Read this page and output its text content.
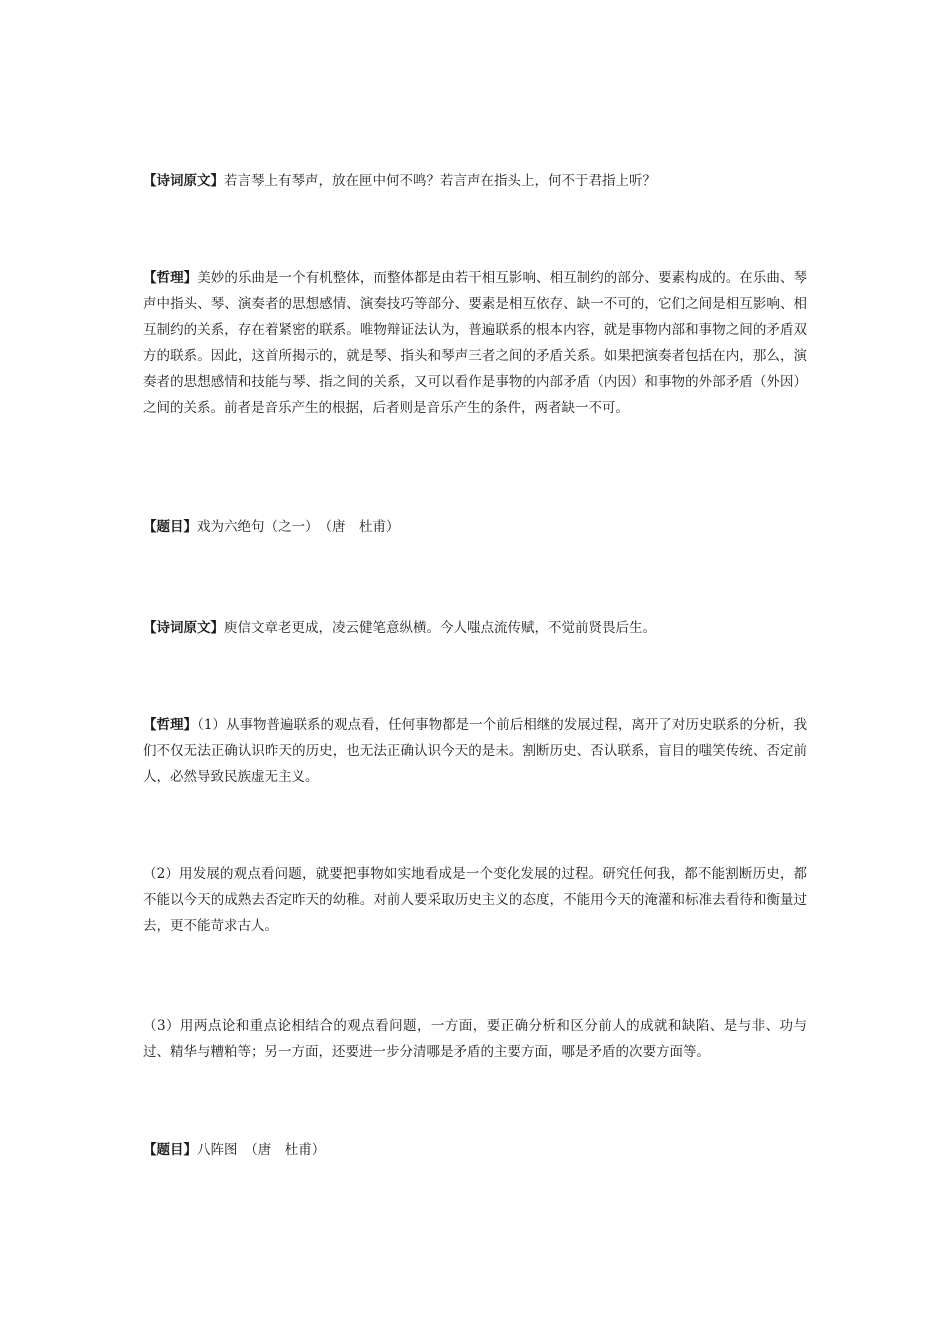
【诗词原文】若言琴上有琴声，放在匣中何不鸣？若言声在指头上，何不于君指上听？

【哲理】美妙的乐曲是一个有机整体，而整体都是由若干相互影响、相互制约的部分、要素构成的。在乐曲、琴声中指头、琴、演奏者的思想感情、演奏技巧等部分、要素是相互依存、缺一不可的，它们之间是相互影响、相互制约的关系，存在着紧密的联系。唯物辩证法认为，普遍联系的根本内容，就是事物内部和事物之间的矛盾双方的联系。因此，这首所揭示的，就是琴、指头和琴声三者之间的矛盾关系。如果把演奏者包括在内，那么，演奏者的思想感情和技能与琴、指之间的关系，又可以看作是事物的内部矛盾（内因）和事物的外部矛盾（外因）之间的关系。前者是音乐产生的根据，后者则是音乐产生的条件，两者缺一不可。

【题目】戏为六绝句（之一）　（唐　杜甫）

【诗词原文】庾信文章老更成，凌云健笔意纵横。今人嗤点流传赋，不觉前贤畏后生。

【哲理】（1）从事物普遍联系的观点看，任何事物都是一个前后相继的发展过程，离开了对历史联系的分析，我们不仅无法正确认识昨天的历史，也无法正确认识今天的是未。割断历史、否认联系，盲目的嗤笑传统、否定前人，必然导致民族虚无主义。

（2）用发展的观点看问题，就要把事物如实地看成是一个变化发展的过程。研究任何我，都不能割断历史，都不能以今天的成熟去否定昨天的幼稚。对前人要采取历史主义的态度，不能用今天的淹灌和标准去看待和衡量过去，更不能苛求古人。

（3）用两点论和重点论相结合的观点看问题，一方面，要正确分析和区分前人的成就和缺陷、是与非、功与过、精华与糟粕等；另一方面，还要进一步分清哪是矛盾的主要方面，哪是矛盾的次要方面等。

【题目】八阵图　（唐　杜甫）
